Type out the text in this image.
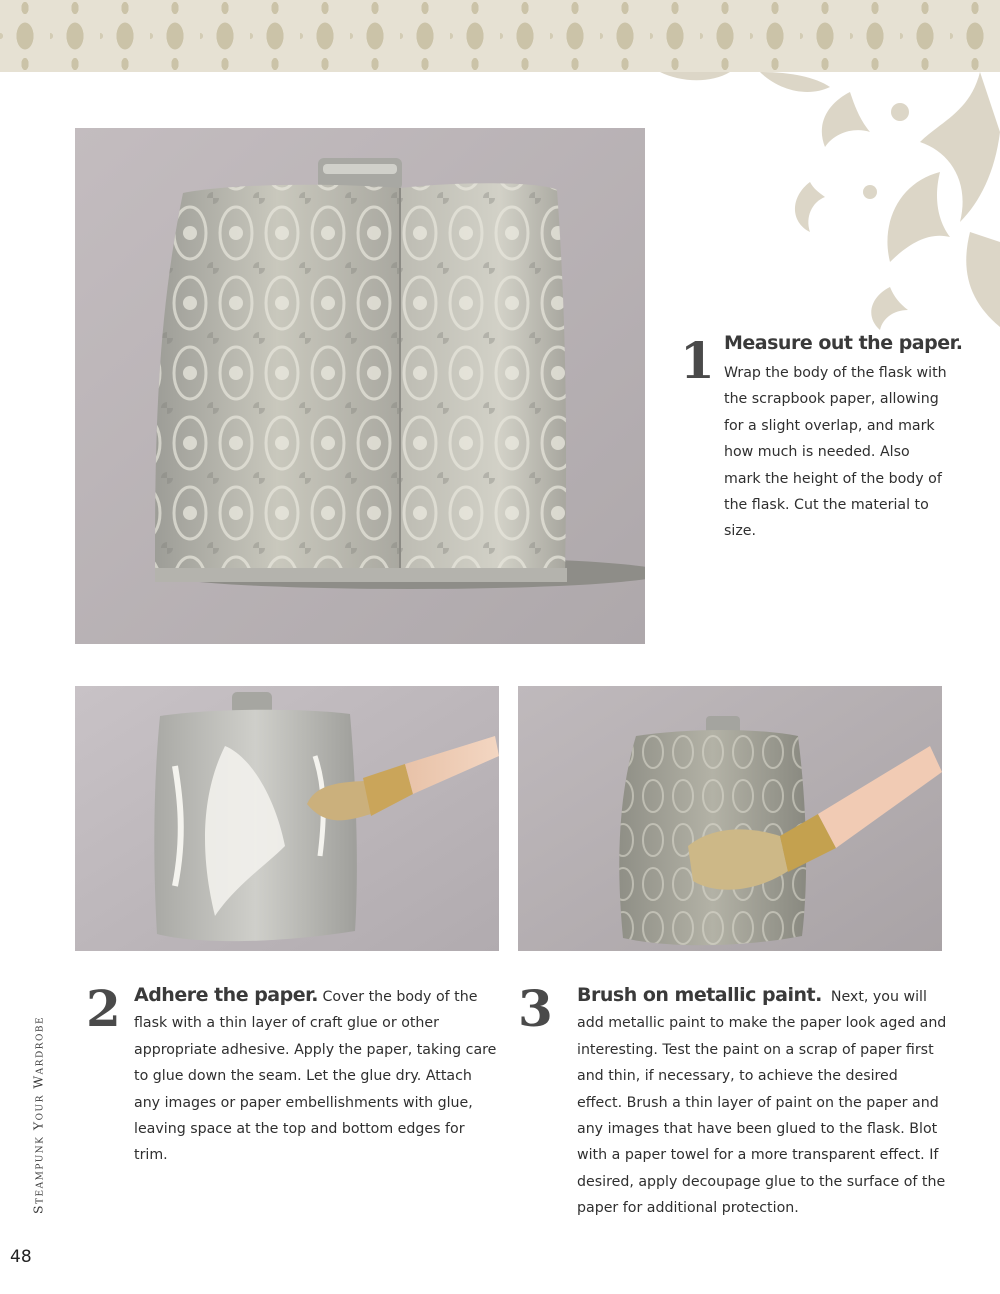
1 Measure out the paper.
Wrap the body of the flask with the scrapbook paper, allowing for a slight overlap, and mark how much is needed. Also mark the height of the body of the flask. Cut the material to size.
2 Adhere the paper. Cover the body of the flask with a thin layer of craft glue or other appropriate adhesive. Apply the paper, taking care to glue down the seam. Let the glue dry. Attach any images or paper embellishments with glue, leaving space at the top and bottom edges for trim.
3 Brush on metallic paint. Next, you will add metallic paint to make the paper look aged and interesting. Test the paint on a scrap of paper first and thin, if necessary, to achieve the desired effect. Brush a thin layer of paint on the paper and any images that have been glued to the flask. Blot with a paper towel for a more transparent effect. If desired, apply decoupage glue to the surface of the paper for additional protection.
Steampunk Your Wardrobe
48
